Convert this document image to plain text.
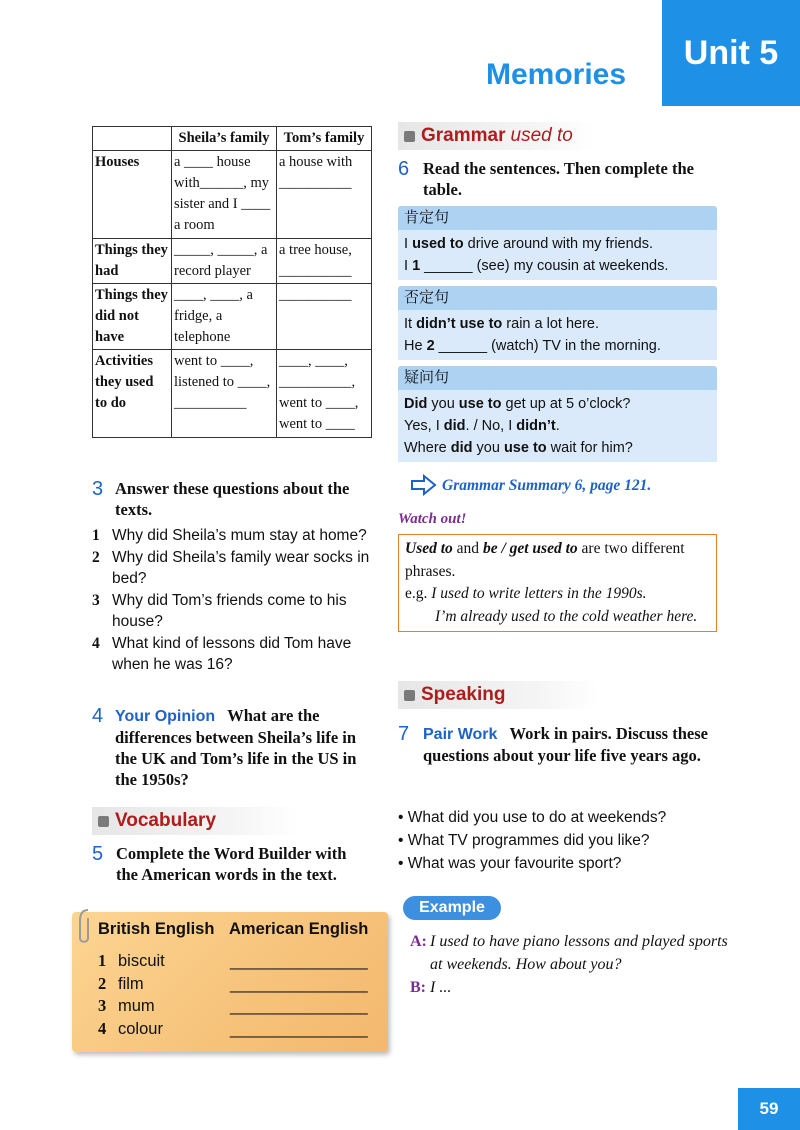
Unit 5
Memories
	Sheila’s family	Tom’s family
Houses	a ____ house with______, my sister and I ____ a room	a house with __________
Things they had	_____, _____, a record player	a tree house, __________
Things they did not have	____, ____, a fridge, a telephone	__________
Activities they used to do	went to ____, listened to ____, __________	____, ____, __________, went to ____, went to ____
3 Answer these questions about the texts.
1 Why did Sheila’s mum stay at home?
2 Why did Sheila’s family wear socks in bed?
3 Why did Tom’s friends come to his house?
4 What kind of lessons did Tom have when he was 16?
4 Your Opinion What are the differences between Sheila’s life in the UK and Tom’s life in the US in the 1950s?
Vocabulary
5 Complete the Word Builder with the American words in the text.
British English American English
1 biscuit	_______________
2 film	_______________
3 mum	_______________
4 colour	_______________
Grammar used to
6 Read the sentences. Then complete the table.
肯定句
I used to drive around with my friends.
I 1 ______ (see) my cousin at weekends.
否定句
It didn’t use to rain a lot here.
He 2 ______ (watch) TV in the morning.
疑问句
Did you use to get up at 5 o’clock?
Yes, I did. / No, I didn’t.
Where did you use to wait for him?
Grammar Summary 6, page 121.
Watch out!
Used to and be / get used to are two different phrases.
e.g. I used to write letters in the 1990s.
I’m already used to the cold weather here.
Speaking
7 Pair Work Work in pairs. Discuss these questions about your life five years ago.
• What did you use to do at weekends?
• What TV programmes did you like?
• What was your favourite sport?
Example
A: I used to have piano lessons and played sports at weekends. How about you?
B: I ...
59
